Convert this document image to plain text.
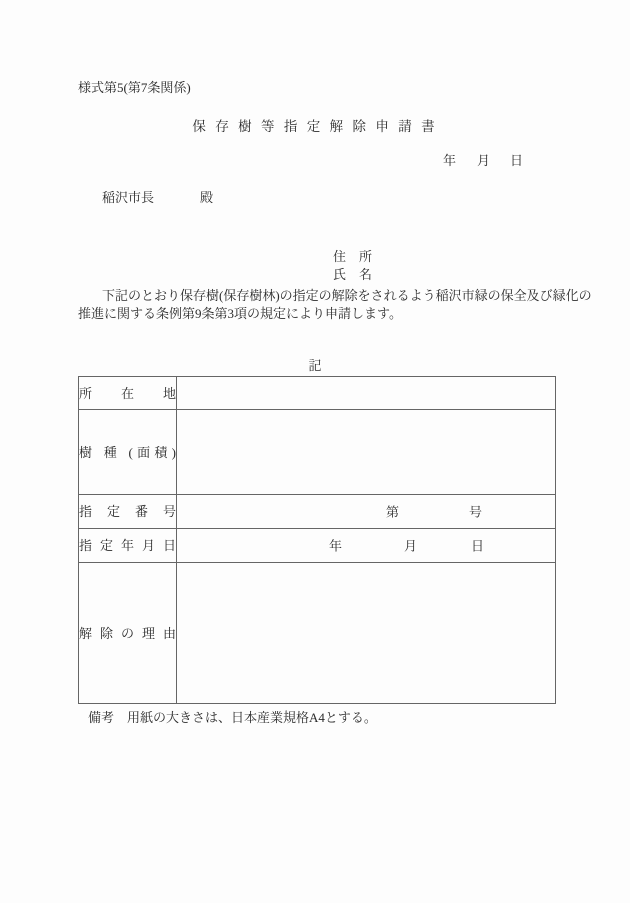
様式第5(第7条関係)
保 存 樹 等 指 定 解 除 申 請 書
年 月 日
稲沢市長	殿
住　所
氏　名
下記のとおり保存樹(保存樹林)の指定の解除をされるよう稲沢市緑の保全及び緑化の
推進に関する条例第9条第3項の規定により申請します。
記
所 在 地	
樹 種 (面積)	
指 定 番 号	第 号

指 定 年 月 日	年 月 日

解 除 の 理 由	
備考　用紙の大きさは、日本産業規格A4とする。
